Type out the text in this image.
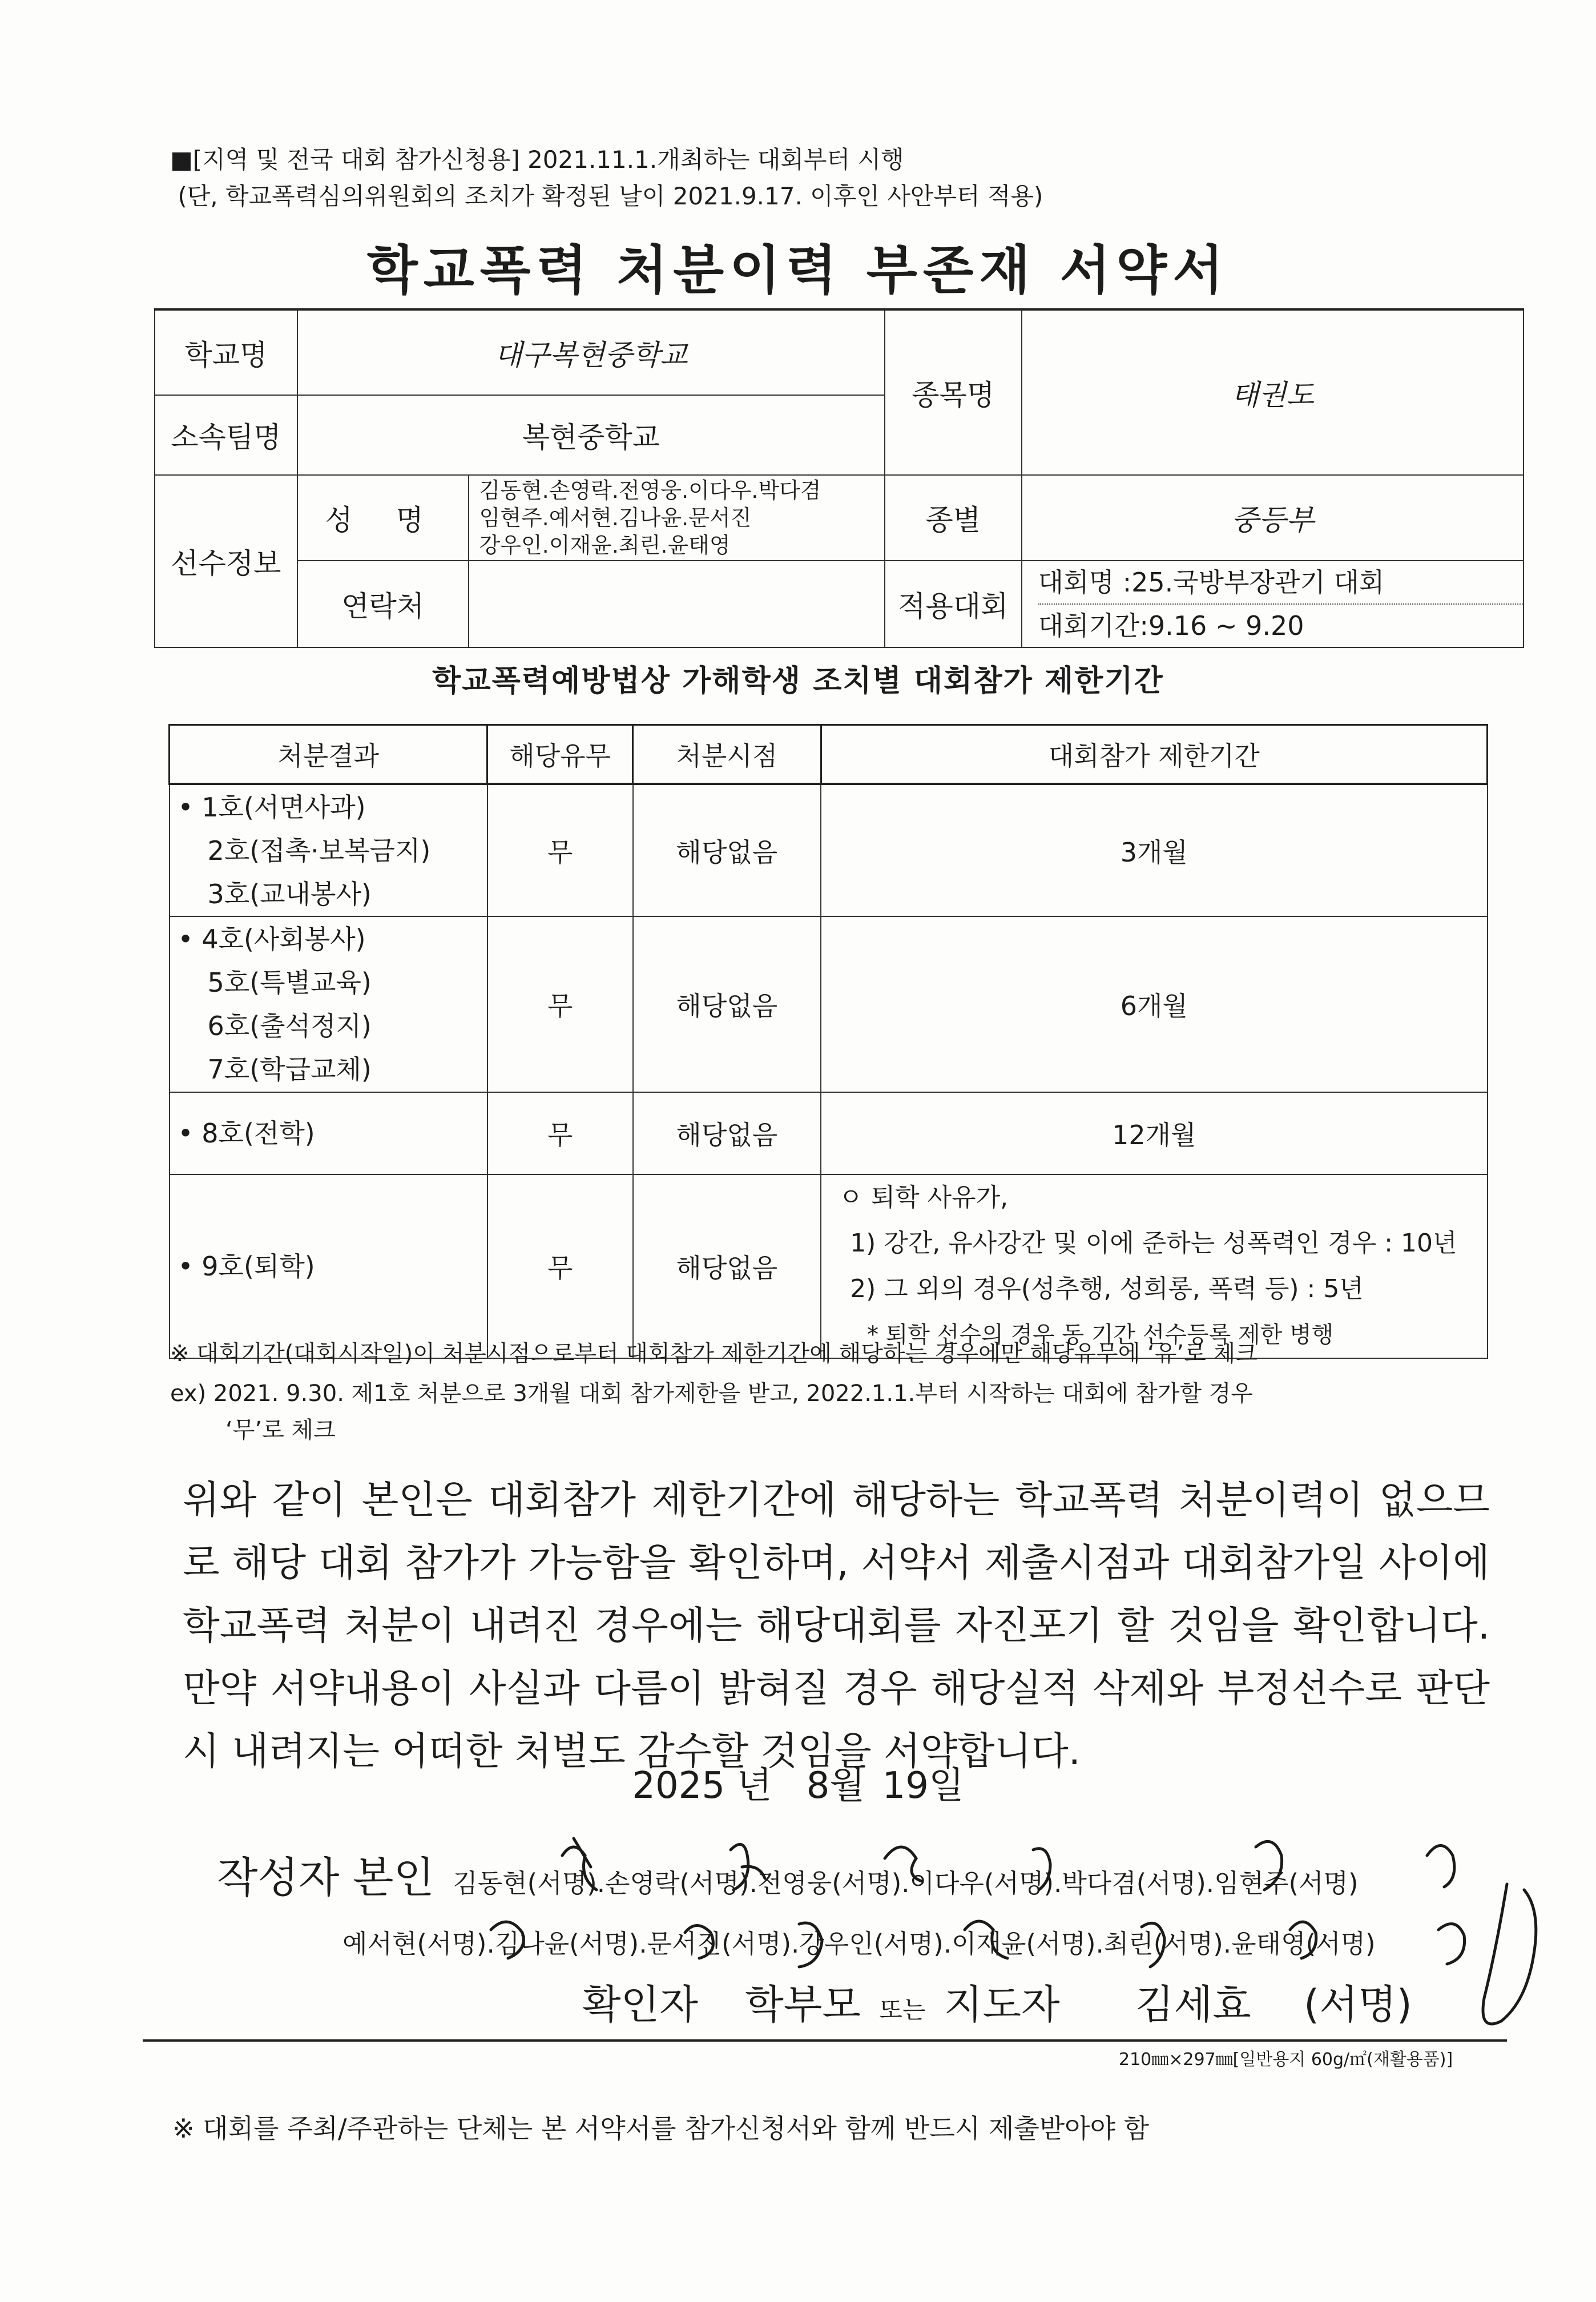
■[지역 및 전국 대회 참가신청용] 2021.11.1.개최하는 대회부터 시행
(단, 학교폭력심의위원회의 조치가 확정된 날이 2021.9.17. 이후인 사안부터 적용)
학교폭력 처분이력 부존재 서약서
학교명	대구복현중학교		종목명	태권도
소속팀명	복현중학교			
선수정보	성 명	김동현.손영락.전영웅.이다우.박다겸
임현주.예서현.김나윤.문서진
강우인.이재윤.최린.윤태영	종별	중등부
	연락처		적용대회	대회명 :25.국방부장관기 대회
대회기간:9.16 ~ 9.20
학교폭력예방법상 가해학생 조치별 대회참가 제한기간
처분결과	해당유무	처분시점	대회참가 제한기간

• 1호(서면사과)
2호(접촉·보복금지)
3호(교내봉사)	무	해당없음	3개월

• 4호(사회봉사)
5호(특별교육)
6호(출석정지)
7호(학급교체)	무	해당없음	6개월

• 8호(전학)	무	해당없음	12개월

• 9호(퇴학)	무	해당없음	ㅇ 퇴학 사유가,
1) 강간, 유사강간 및 이에 준하는 성폭력인 경우 : 10년
2) 그 외의 경우(성추행, 성희롱, 폭력 등) : 5년
* 퇴학 선수의 경우 동 기간 선수등록 제한 병행
※ 대회기간(대회시작일)이 처분시점으로부터 대회참가 제한기간에 해당하는 경우에만 해당유무에 ‘유’로 체크
ex) 2021. 9.30. 제1호 처분으로 3개월 대회 참가제한을 받고, 2022.1.1.부터 시작하는 대회에 참가할 경우
‘무’로 체크
위와 같이 본인은 대회참가 제한기간에 해당하는 학교폭력 처분이력이 없으므로 해당 대회 참가가 가능함을 확인하며, 서약서 제출시점과 대회참가일 사이에 학교폭력 처분이 내려진 경우에는 해당대회를 자진포기 할 것임을 확인합니다. 만약 서약내용이 사실과 다름이 밝혀질 경우 해당실적 삭제와 부정선수로 판단 시 내려지는 어떠한 처벌도 감수할 것임을 서약합니다.
2025 년 8월 19일
작성자 본인 김동현(서명).손영락(서명).전영웅(서명).이다우(서명).박다겸(서명).임현주(서명)
예서현(서명).김나윤(서명).문서진(서명).강우인(서명).이재윤(서명).최린(서명).윤태영(서명)
확인자 학부모 또는 지도자 김세효 (서명)
210㎜×297㎜[일반용지 60g/㎡(재활용품)]
※ 대회를 주최/주관하는 단체는 본 서약서를 참가신청서와 함께 반드시 제출받아야 함
